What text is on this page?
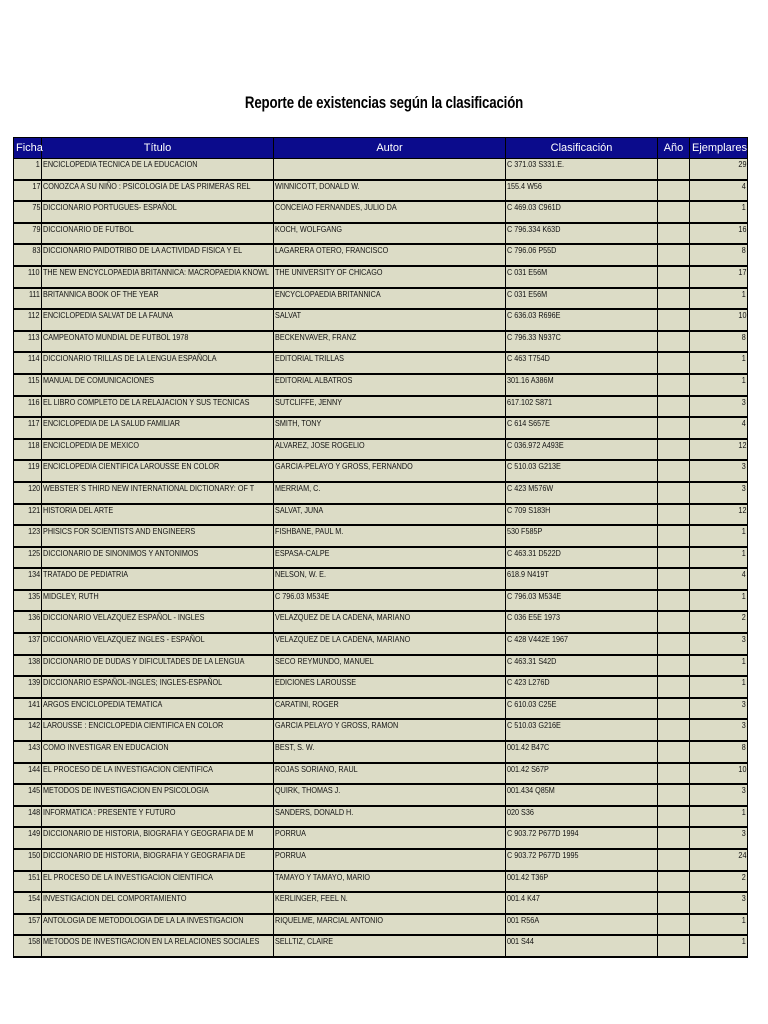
Reporte de existencias según la clasificación
Ficha	Título	Autor	Clasificación	Año	Ejemplares
1	ENCICLOPEDIA TECNICA DE LA EDUCACION		C 371.03 S331.E.		29
17	CONOZCA A SU NIÑO : PSICOLOGIA DE LAS PRIMERAS REL	WINNICOTT, DONALD W.	155.4 W56		4
75	DICCIONARIO PORTUGUES- ESPAÑOL	CONCEIAO FERNANDES, JULIO DA	C 469.03 C961D		1
79	DICCIONARIO DE FUTBOL	KOCH, WOLFGANG	C 796.334 K63D		16
83	DICCIONARIO PAIDOTRIBO DE LA ACTIVIDAD FISICA Y EL	LAGARERA OTERO, FRANCISCO	C 796.06 P55D		8
110	THE NEW ENCYCLOPAEDIA BRITANNICA: MACROPAEDIA KNOWL	THE UNIVERSITY OF CHICAGO	C 031 E56M		17
111	BRITANNICA BOOK OF THE YEAR	ENCYCLOPAEDIA BRITANNICA	C 031 E56M		1
112	ENCICLOPEDIA SALVAT DE LA FAUNA	SALVAT	C 636.03 R696E		10
113	CAMPEONATO MUNDIAL DE FUTBOL 1978	BECKENVAVER, FRANZ	C 796.33 N937C		8
114	DICCIONARIO TRILLAS DE LA LENGUA ESPAÑOLA	EDITORIAL TRILLAS	C 463 T754D		1
115	MANUAL DE COMUNICACIONES	EDITORIAL ALBATROS	301.16 A386M		1
116	EL LIBRO COMPLETO DE LA RELAJACION Y SUS TECNICAS	SUTCLIFFE, JENNY	617.102 S871		3
117	ENCICLOPEDIA DE LA SALUD FAMILIAR	SMITH, TONY	C 614 S657E		4
118	ENCICLOPEDIA DE MEXICO	ALVAREZ, JOSE ROGELIO	C 036.972 A493E		12
119	ENCICLOPEDIA CIENTIFICA LAROUSSE EN COLOR	GARCIA-PELAYO Y GROSS, FERNANDO	C 510.03 G213E		3
120	WEBSTER´S THIRD NEW INTERNATIONAL DICTIONARY: OF T	MERRIAM, C.	C 423 M576W		3
121	HISTORIA DEL ARTE	SALVAT, JUNA	C 709 S183H		12
123	PHISICS FOR SCIENTISTS AND ENGINEERS	FISHBANE, PAUL M.	530 F585P		1
125	DICCIONARIO DE SINONIMOS Y ANTONIMOS	ESPASA-CALPE	C 463.31 D522D		1
134	TRATADO DE PEDIATRIA	NELSON, W. E.	618.9 N419T		4
135	MIDGLEY, RUTH	C 796.03 M534E	C 796.03 M534E		1
136	DICCIONARIO VELAZQUEZ ESPAÑOL - INGLES	VELAZQUEZ DE LA CADENA, MARIANO	C 036 E5E 1973		2
137	DICCIONARIO VELAZQUEZ INGLES - ESPAÑOL	VELAZQUEZ DE LA CADENA, MARIANO	C 428 V442E 1967		3
138	DICCIONARIO DE DUDAS Y DIFICULTADES DE LA LENGUA	SECO REYMUNDO, MANUEL	C 463.31 S42D		1
139	DICCIONARIO ESPAÑOL-INGLES; INGLES-ESPAÑOL	EDICIONES LAROUSSE	C 423 L276D		1
141	ARGOS ENCICLOPEDIA TEMATICA	CARATINI, ROGER	C 610.03 C25E		3
142	LAROUSSE : ENCICLOPEDIA CIENTIFICA EN COLOR	GARCIA PELAYO Y GROSS, RAMON	C 510.03 G216E		3
143	COMO INVESTIGAR EN EDUCACION	BEST, S. W.	001.42 B47C		8
144	EL PROCESO DE LA INVESTIGACION CIENTIFICA	ROJAS SORIANO, RAUL	001.42 S67P		10
145	METODOS DE INVESTIGACION EN PSICOLOGIA	QUIRK, THOMAS J.	001.434 Q85M		3
148	INFORMATICA : PRESENTE Y FUTURO	SANDERS, DONALD H.	020 S36		1
149	DICCIONARIO DE HISTORIA, BIOGRAFIA Y GEOGRAFIA DE M	PORRUA	C 903.72 P677D 1994		3
150	DICCIONARIO DE HISTORIA, BIOGRAFIA Y GEOGRAFIA DE	PORRUA	C 903.72 P677D 1995		24
151	EL PROCESO DE LA INVESTIGACION CIENTIFICA	TAMAYO Y TAMAYO, MARIO	001.42 T36P		2
154	INVESTIGACION DEL COMPORTAMIENTO	KERLINGER, FEEL N.	001.4 K47		3
157	ANTOLOGIA DE METODOLOGIA DE LA LA INVESTIGACION	RIQUELME, MARCIAL ANTONIO	001 R56A		1
158	METODOS DE INVESTIGACION EN LA RELACIONES SOCIALES	SELLTIZ, CLAIRE	001 S44		1
